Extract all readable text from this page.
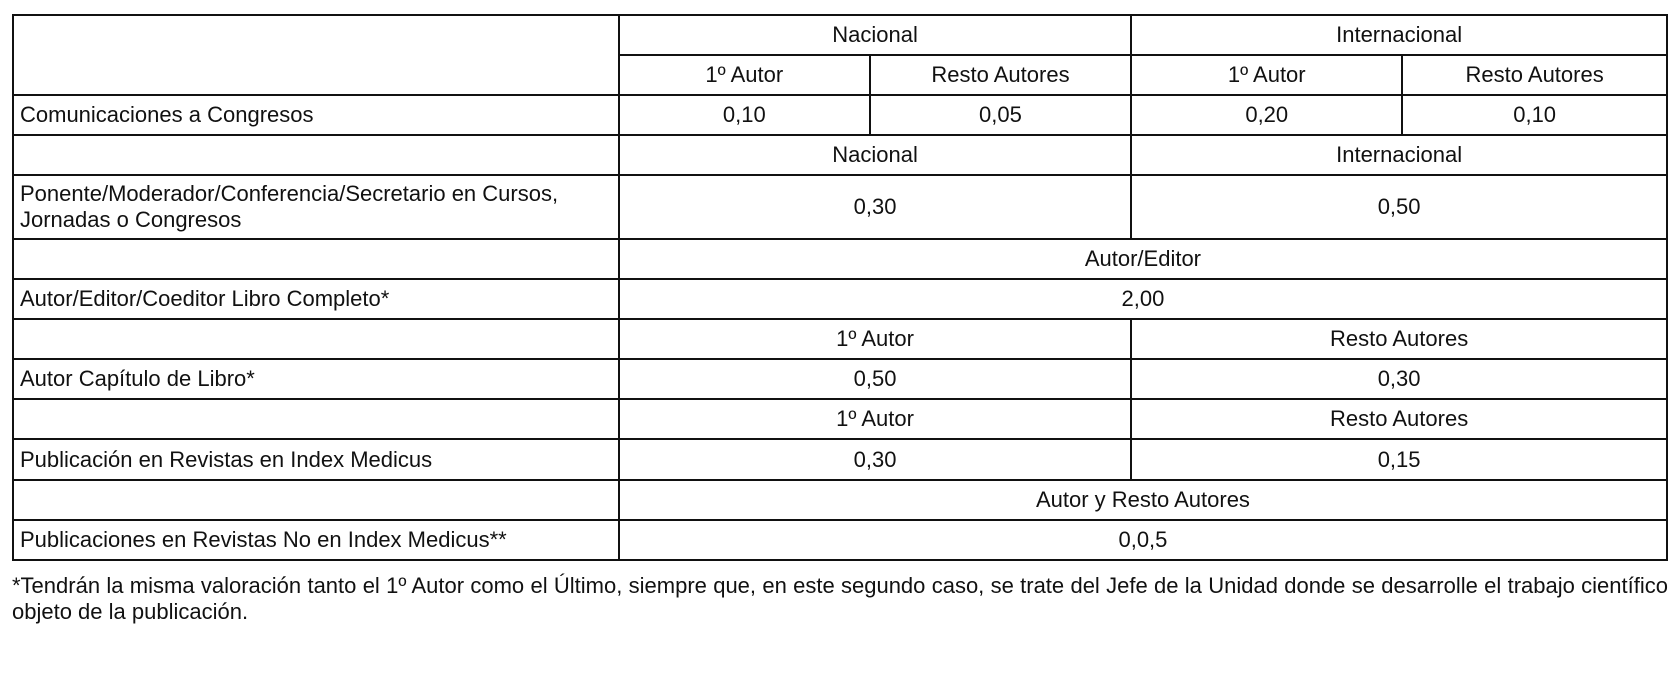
	Nacional		Internacional	
	1º Autor	Resto Autores	1º Autor	Resto Autores
Comunicaciones a Congresos	0,10	0,05	0,20	0,10
	Nacional		Internacional	
Ponente/Moderador/Conferencia/Secretario en Cursos, Jornadas o Congresos	0,30		0,50	
	Autor/Editor			
Autor/Editor/Coeditor Libro Completo*	2,00			
	1º Autor		Resto Autores	
Autor Capítulo de Libro*	0,50		0,30	
	1º Autor		Resto Autores	
Publicación en Revistas en Index Medicus	0,30		0,15	
	Autor y Resto Autores			
Publicaciones en Revistas No en Index Medicus**	0,0,5			
*Tendrán la misma valoración tanto el 1º Autor como el Último, siempre que, en este segundo caso, se trate del Jefe de la Unidad donde se desarrolle el trabajo científico objeto de la publicación.
